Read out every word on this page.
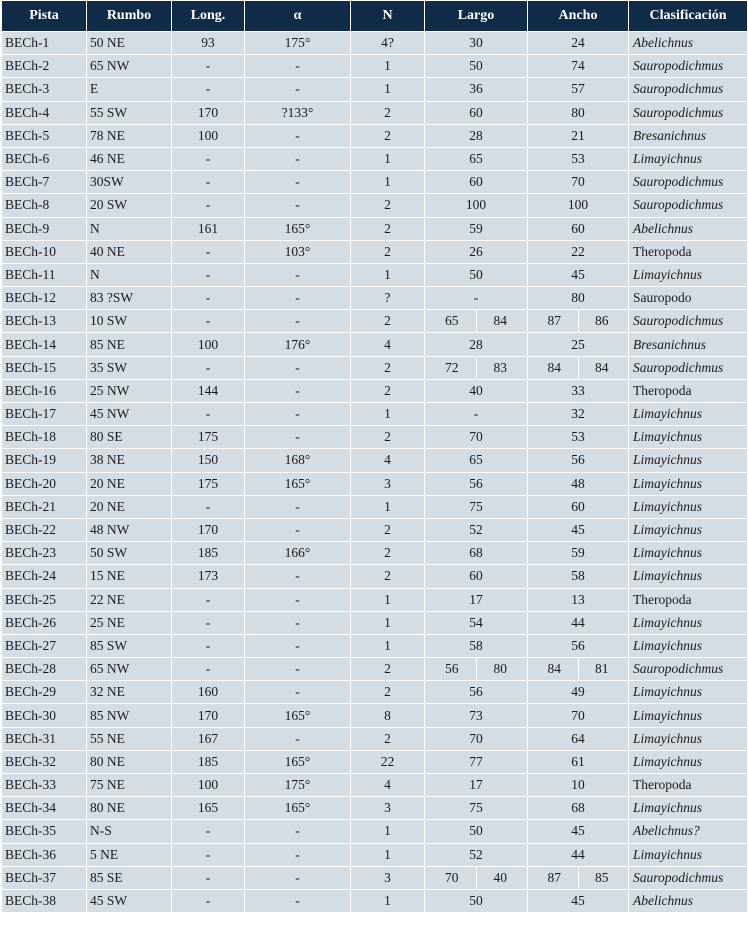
Pista	Rumbo	Long.	α	N	Largo	Ancho	Clasificación
BECh-1	50 NE	93	175°	4?	30	24	Abelichnus
BECh-2	65 NW	-	-	1	50	74	Sauropodichmus
BECh-3	E	-	-	1	36	57	Sauropodichmus
BECh-4	55 SW	170	?133°	2	60	80	Sauropodichmus
BECh-5	78 NE	100	-	2	28	21	Bresanichnus
BECh-6	46 NE	-	-	1	65	53	Limayichnus
BECh-7	30SW	-	-	1	60	70	Sauropodichmus
BECh-8	20 SW	-	-	2	100	100	Sauropodichmus
BECh-9	N	161	165°	2	59	60	Abelichnus
BECh-10	40 NE	-	103°	2	26	22	Theropoda
BECh-11	N	-	-	1	50	45	Limayichnus
BECh-12	83 ?SW	-	-	?	-	80	Sauropodo
BECh-13	10 SW	-	-	2	65 84	87 86	Sauropodichmus
BECh-14	85 NE	100	176°	4	28	25	Bresanichnus
BECh-15	35 SW	-	-	2	72 83	84 84	Sauropodichmus
BECh-16	25 NW	144	-	2	40	33	Theropoda
BECh-17	45 NW	-	-	1	-	32	Limayichnus
BECh-18	80 SE	175	-	2	70	53	Limayichnus
BECh-19	38 NE	150	168°	4	65	56	Limayichnus
BECh-20	20 NE	175	165°	3	56	48	Limayichnus
BECh-21	20 NE	-	-	1	75	60	Limayichnus
BECh-22	48 NW	170	-	2	52	45	Limayichnus
BECh-23	50 SW	185	166°	2	68	59	Limayichnus
BECh-24	15 NE	173	-	2	60	58	Limayichnus
BECh-25	22 NE	-	-	1	17	13	Theropoda
BECh-26	25 NE	-	-	1	54	44	Limayichnus
BECh-27	85 SW	-	-	1	58	56	Limayichnus
BECh-28	65 NW	-	-	2	56 80	84 81	Sauropodichmus
BECh-29	32 NE	160	-	2	56	49	Limayichnus
BECh-30	85 NW	170	165°	8	73	70	Limayichnus
BECh-31	55 NE	167	-	2	70	64	Limayichnus
BECh-32	80 NE	185	165°	22	77	61	Limayichnus
BECh-33	75 NE	100	175°	4	17	10	Theropoda
BECh-34	80 NE	165	165°	3	75	68	Limayichnus
BECh-35	N-S	-	-	1	50	45	Abelichnus?
BECh-36	5 NE	-	-	1	52	44	Limayichnus
BECh-37	85 SE	-	-	3	70 40	87 85	Sauropodichmus
BECh-38	45 SW	-	-	1	50	45	Abelichnus
